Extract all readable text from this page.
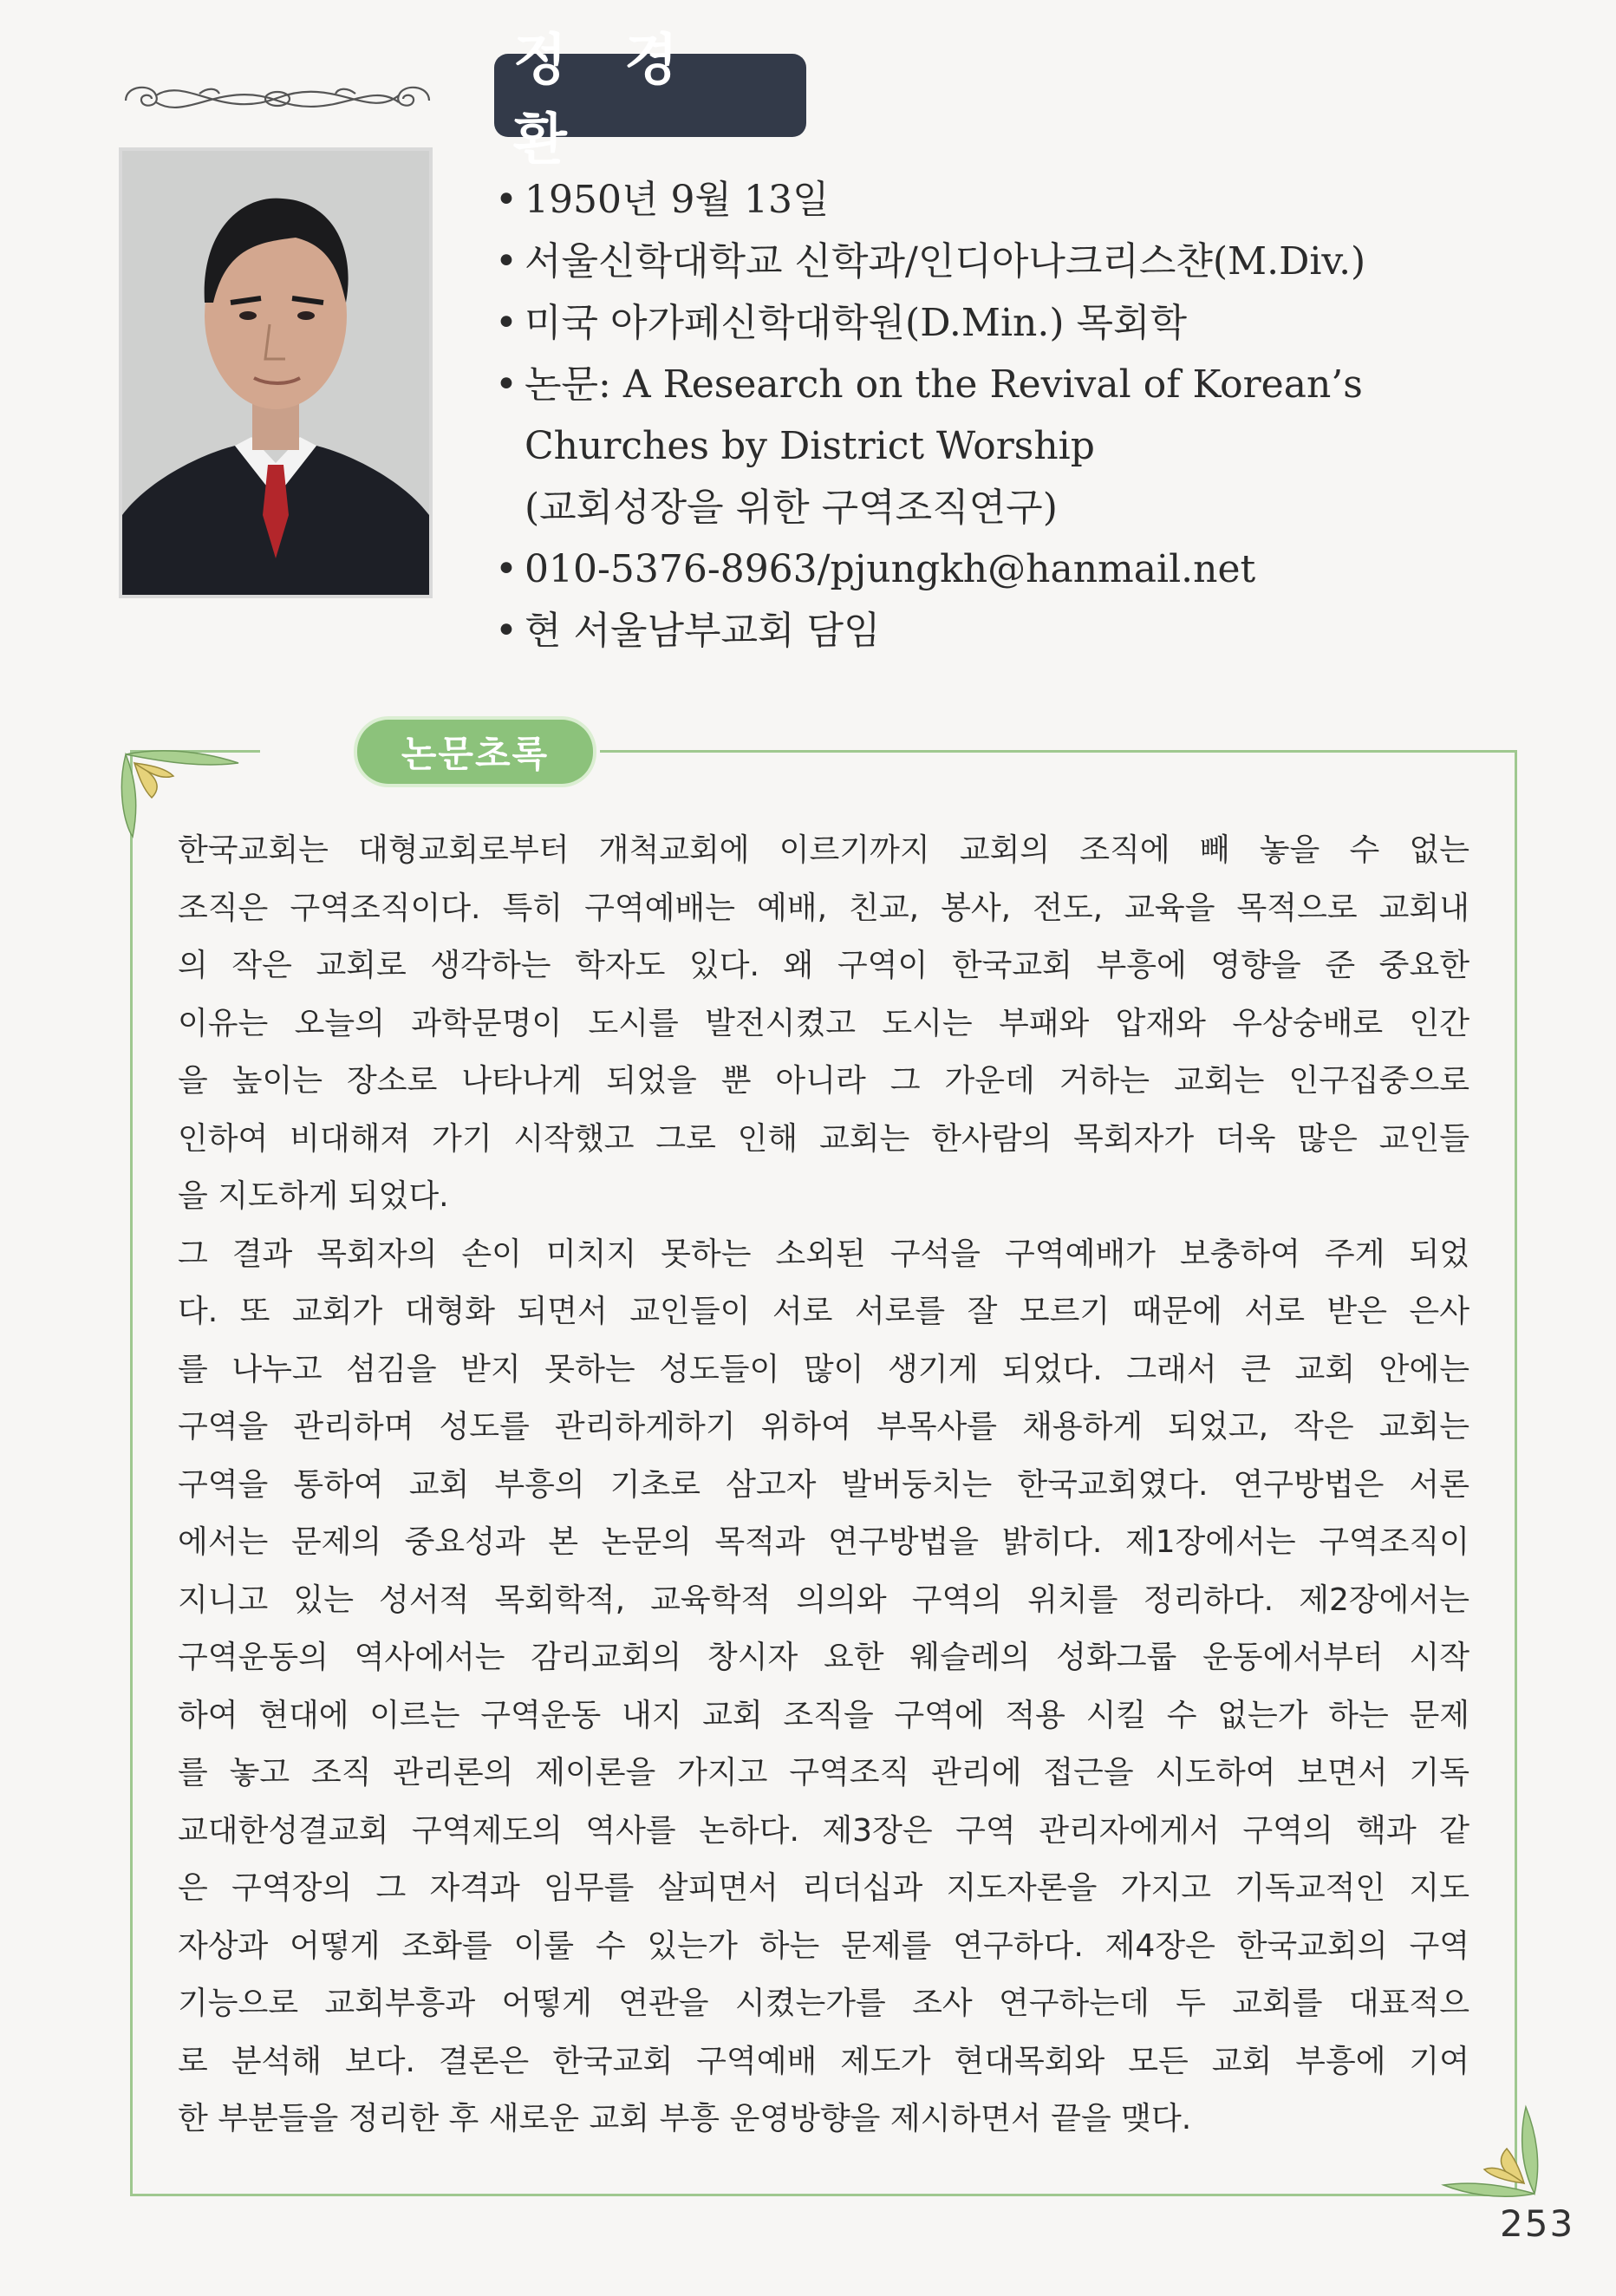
정 경 환
• 1950년 9월 13일
• 서울신학대학교 신학과/인디아나크리스챤(M.Div.)
• 미국 아가페신학대학원(D.Min.) 목회학
• 논문: A Research on the Revival of Korean’s
Churches by District Worship
(교회성장을 위한 구역조직연구)
• 010-5376-8963/pjungkh@hanmail.net
• 현 서울남부교회 담임
논문초록
한국교회는 대형교회로부터 개척교회에 이르기까지 교회의 조직에 빼 놓을 수 없는
조직은 구역조직이다. 특히 구역예배는 예배, 친교, 봉사, 전도, 교육을 목적으로 교회내
의 작은 교회로 생각하는 학자도 있다. 왜 구역이 한국교회 부흥에 영향을 준 중요한
이유는 오늘의 과학문명이 도시를 발전시켰고 도시는 부패와 압재와 우상숭배로 인간
을 높이는 장소로 나타나게 되었을 뿐 아니라 그 가운데 거하는 교회는 인구집중으로
인하여 비대해져 가기 시작했고 그로 인해 교회는 한사람의 목회자가 더욱 많은 교인들
을 지도하게 되었다.
그 결과 목회자의 손이 미치지 못하는 소외된 구석을 구역예배가 보충하여 주게 되었
다. 또 교회가 대형화 되면서 교인들이 서로 서로를 잘 모르기 때문에 서로 받은 은사
를 나누고 섬김을 받지 못하는 성도들이 많이 생기게 되었다. 그래서 큰 교회 안에는
구역을 관리하며 성도를 관리하게하기 위하여 부목사를 채용하게 되었고, 작은 교회는
구역을 통하여 교회 부흥의 기초로 삼고자 발버둥치는 한국교회였다. 연구방법은 서론
에서는 문제의 중요성과 본 논문의 목적과 연구방법을 밝히다. 제1장에서는 구역조직이
지니고 있는 성서적 목회학적, 교육학적 의의와 구역의 위치를 정리하다. 제2장에서는
구역운동의 역사에서는 감리교회의 창시자 요한 웨슬레의 성화그룹 운동에서부터 시작
하여 현대에 이르는 구역운동 내지 교회 조직을 구역에 적용 시킬 수 없는가 하는 문제
를 놓고 조직 관리론의 제이론을 가지고 구역조직 관리에 접근을 시도하여 보면서 기독
교대한성결교회 구역제도의 역사를 논하다. 제3장은 구역 관리자에게서 구역의 핵과 같
은 구역장의 그 자격과 임무를 살피면서 리더십과 지도자론을 가지고 기독교적인 지도
자상과 어떻게 조화를 이룰 수 있는가 하는 문제를 연구하다. 제4장은 한국교회의 구역
기능으로 교회부흥과 어떻게 연관을 시켰는가를 조사 연구하는데 두 교회를 대표적으
로 분석해 보다. 결론은 한국교회 구역예배 제도가 현대목회와 모든 교회 부흥에 기여
한 부분들을 정리한 후 새로운 교회 부흥 운영방향을 제시하면서 끝을 맺다.
253
